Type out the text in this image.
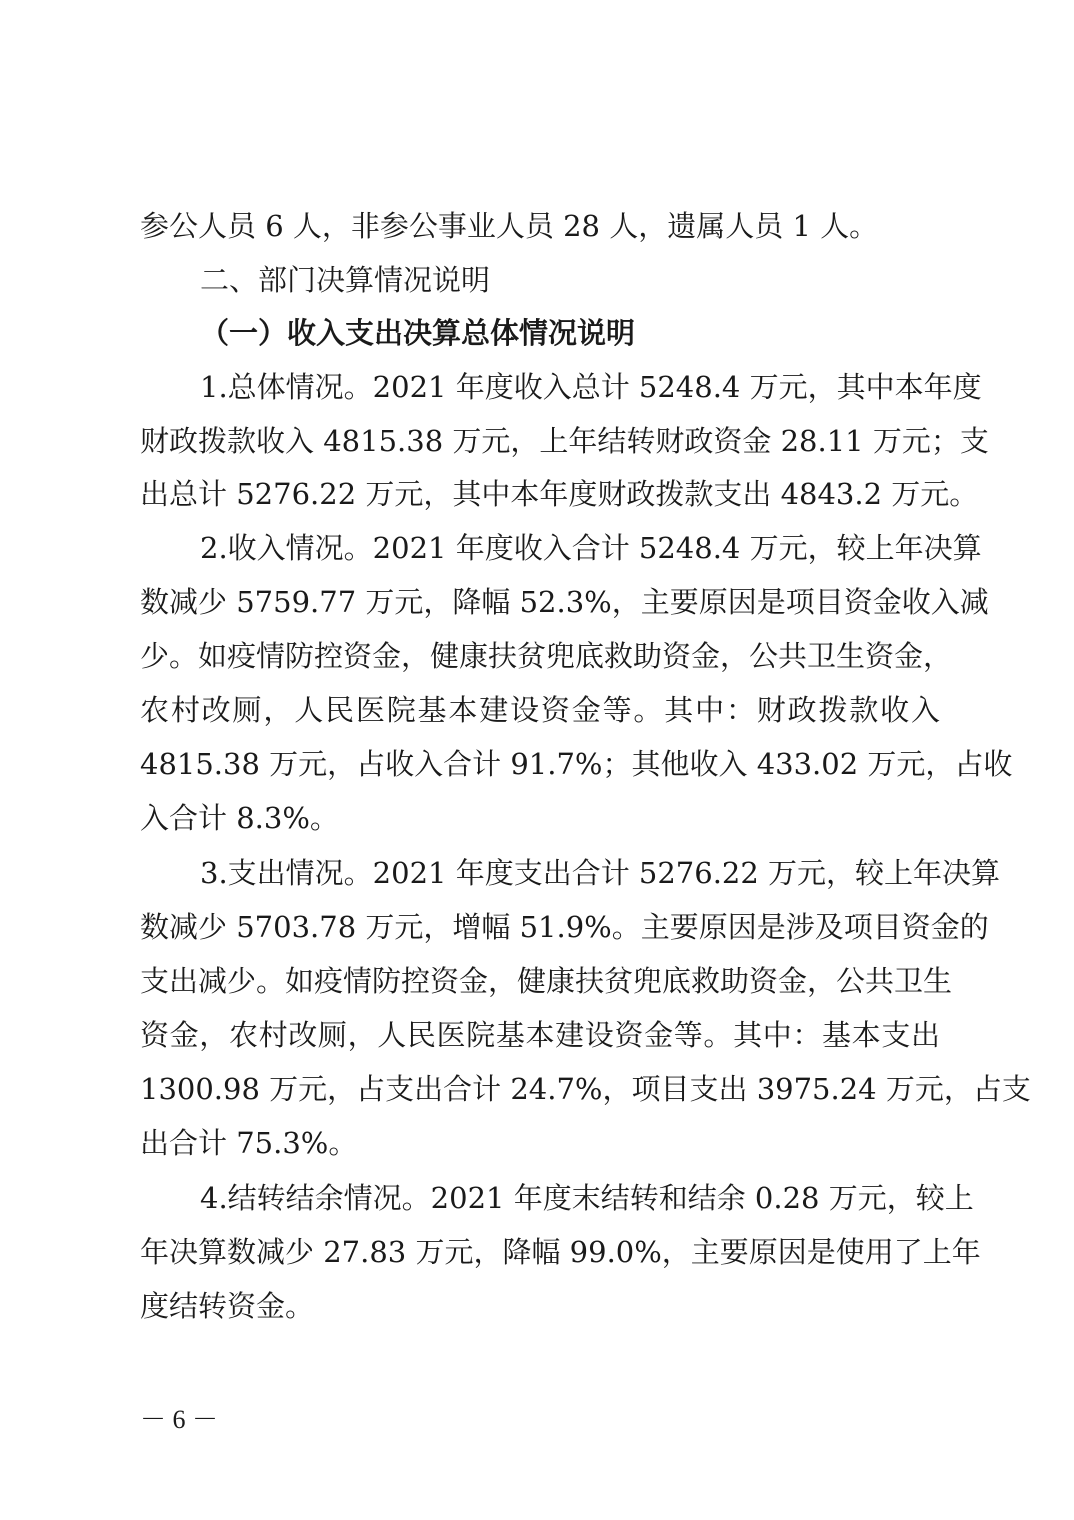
参公人员 6 人，非参公事业人员 28 人，遗属人员 1 人。

二、部门决算情况说明

（一）收入支出决算总体情况说明

1.总体情况。2021 年度收入总计 5248.4 万元，其中本年度

财政拨款收入 4815.38 万元，上年结转财政资金 28.11 万元；支

出总计 5276.22 万元，其中本年度财政拨款支出 4843.2 万元。

2.收入情况。2021 年度收入合计 5248.4 万元，较上年决算

数减少 5759.77 万元，降幅 52.3%，主要原因是项目资金收入减

少。如疫情防控资金，健康扶贫兜底救助资金，公共卫生资金，

农村改厕，人民医院基本建设资金等。其中：财政拨款收入

4815.38 万元，占收入合计 91.7%；其他收入 433.02 万元，占收

入合计 8.3%。

3.支出情况。2021 年度支出合计 5276.22 万元，较上年决算

数减少 5703.78 万元，增幅 51.9%。主要原因是涉及项目资金的

支出减少。如疫情防控资金，健康扶贫兜底救助资金，公共卫生

资金，农村改厕，人民医院基本建设资金等。其中：基本支出

1300.98 万元，占支出合计 24.7%，项目支出 3975.24 万元，占支

出合计 75.3%。

4.结转结余情况。2021 年度末结转和结余 0.28 万元，较上

年决算数减少 27.83 万元，降幅 99.0%，主要原因是使用了上年

度结转资金。

－ 6 －
